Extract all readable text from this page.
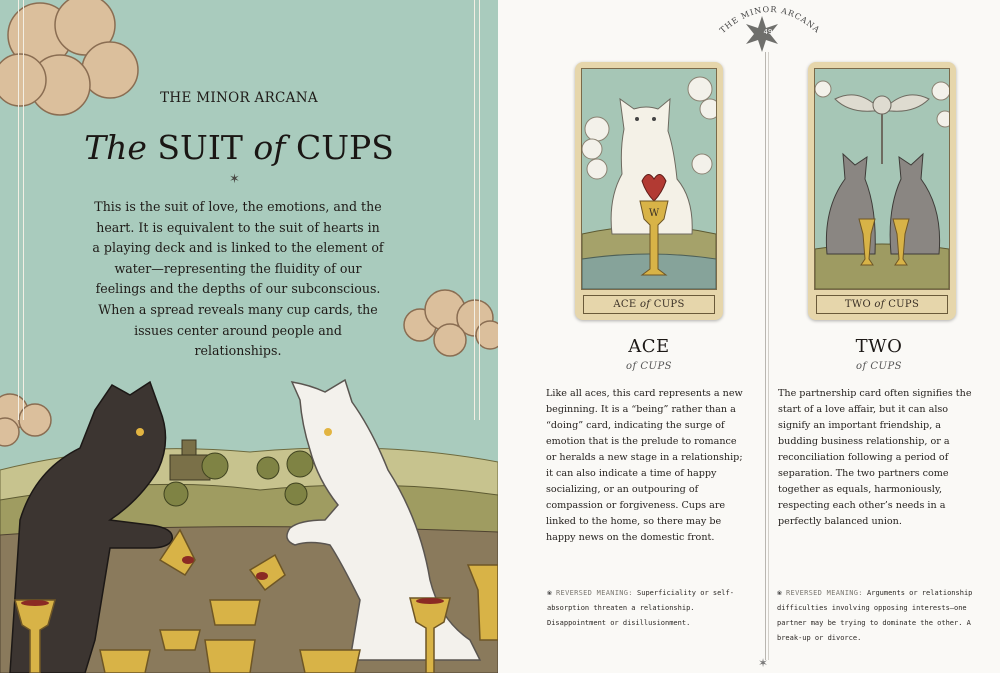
THE MINOR ARCANA
The SUIT of CUPS
✶
This is the suit of love, the emotions, and the heart. It is equivalent to the suit of hearts in a playing deck and is linked to the element of water—representing the fluidity of our feelings and the depths of our subconscious. When a spread reveals many cup cards, the issues center around people and relationships.
THE MINOR ARCANA
49
✶
W
ACE of CUPS	TWO of CUPS
ACE
of CUPS
Like all aces, this card represents a new beginning. It is a “being” rather than a “doing” card, indicating the surge of emotion that is the prelude to romance or heralds a new stage in a relationship; it can also indicate a time of happy socializing, or an outpouring of compassion or forgiveness. Cups are linked to the home, so there may be happy news on the domestic front.
❀ REVERSED MEANING: Superficiality or self-absorption threaten a relationship. Disappointment or disillusionment.
TWO
of CUPS
The partnership card often signifies the start of a love affair, but it can also signify an important friendship, a budding business relationship, or a reconciliation following a period of separation. The two partners come together as equals, harmoniously, respecting each other’s needs in a perfectly balanced union.
❀ REVERSED MEANING: Arguments or relationship difficulties involving opposing interests—one partner may be trying to dominate the other. A break-up or divorce.
